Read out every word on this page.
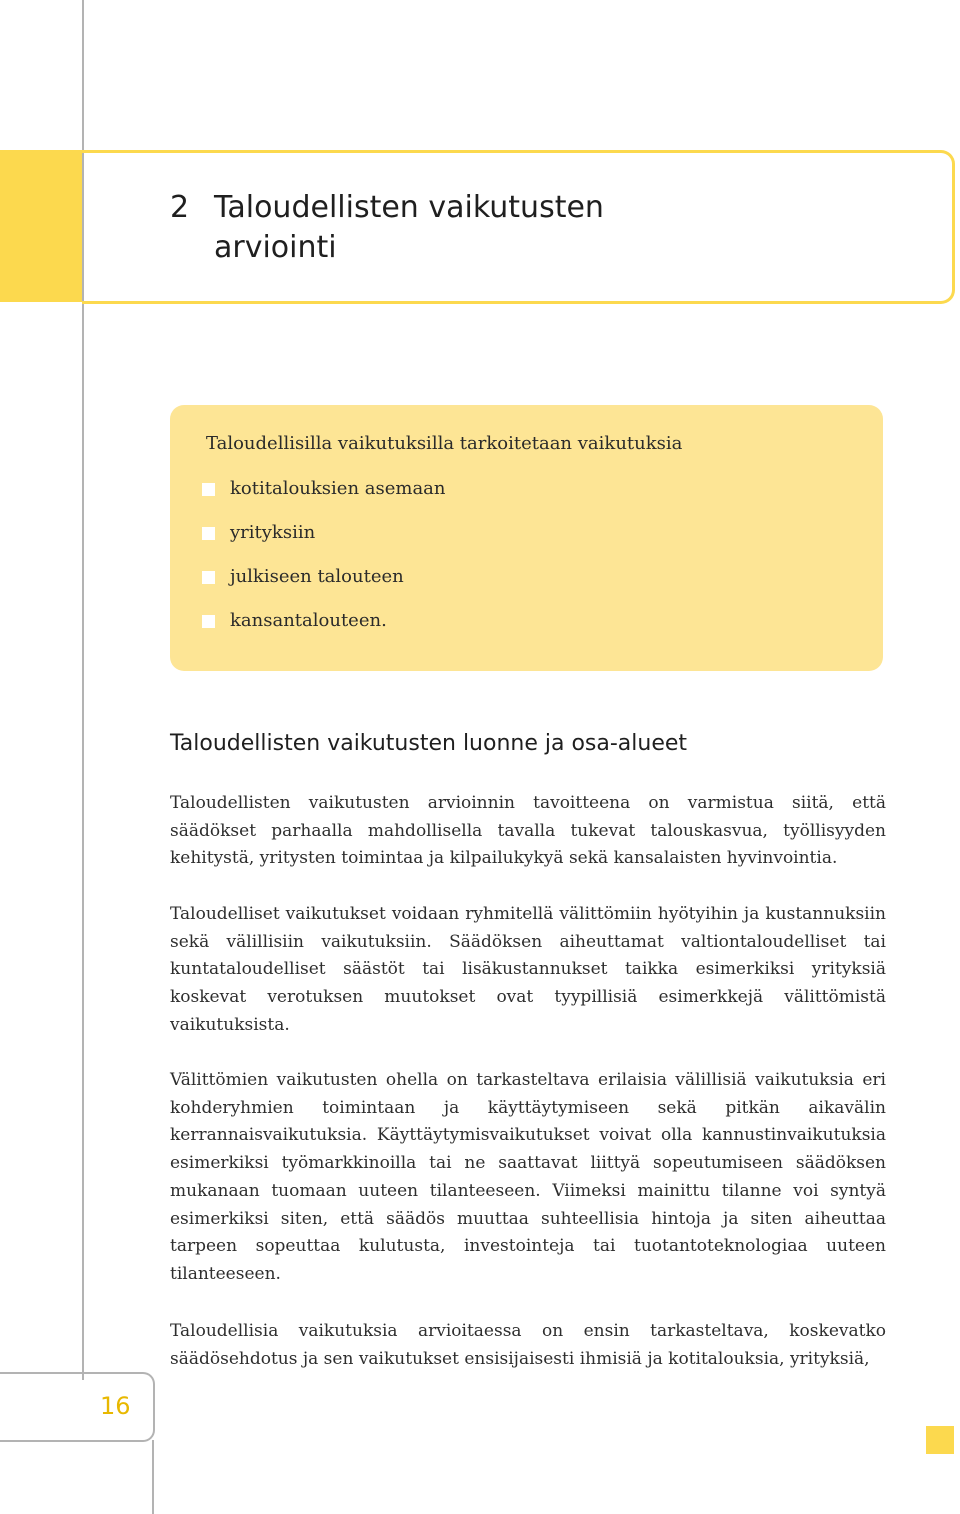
2 Taloudellisten vaikutusten
arviointi

Taloudellisilla vaikutuksilla tarkoitetaan vaikutuksia

kotitalouksien asemaan
yrityksiin
julkiseen talouteen
kansantalouteen.
Taloudellisten vaikutusten luonne ja osa-alueet

Taloudellisten vaikutusten arvioinnin tavoitteena on varmistua siitä, että säädökset parhaalla mahdollisella tavalla tukevat talouskasvua, työllisyyden kehitystä, yritysten toimintaa ja kilpailukykyä sekä kansalaisten hyvinvointia.

Taloudelliset vaikutukset voidaan ryhmitellä välittömiin hyötyihin ja kustannuksiin sekä välillisiin vaikutuksiin. Säädöksen aiheuttamat valtiontaloudelliset tai kuntataloudelliset säästöt tai lisäkustannukset taikka esimerkiksi yrityksiä koskevat verotuksen muutokset ovat tyypillisiä esimerkkejä välittömistä vaikutuksista.

Välittömien vaikutusten ohella on tarkasteltava erilaisia välillisiä vaikutuksia eri kohderyhmien toimintaan ja käyttäytymiseen sekä pitkän aikavälin kerrannaisvaikutuksia. Käyttäytymisvaikutukset voivat olla kannustinvaikutuksia esimerkiksi työmarkkinoilla tai ne saattavat liittyä sopeutumiseen säädöksen mukanaan tuomaan uuteen tilanteeseen. Viimeksi mainittu tilanne voi syntyä esimerkiksi siten, että säädös muuttaa suhteellisia hintoja ja siten aiheuttaa tarpeen sopeuttaa kulutusta, investointeja tai tuotantoteknologiaa uuteen tilanteeseen.

Taloudellisia vaikutuksia arvioitaessa on ensin tarkasteltava, koskevatko säädösehdotus ja sen vaikutukset ensisijaisesti ihmisiä ja kotitalouksia, yrityksiä,

16
